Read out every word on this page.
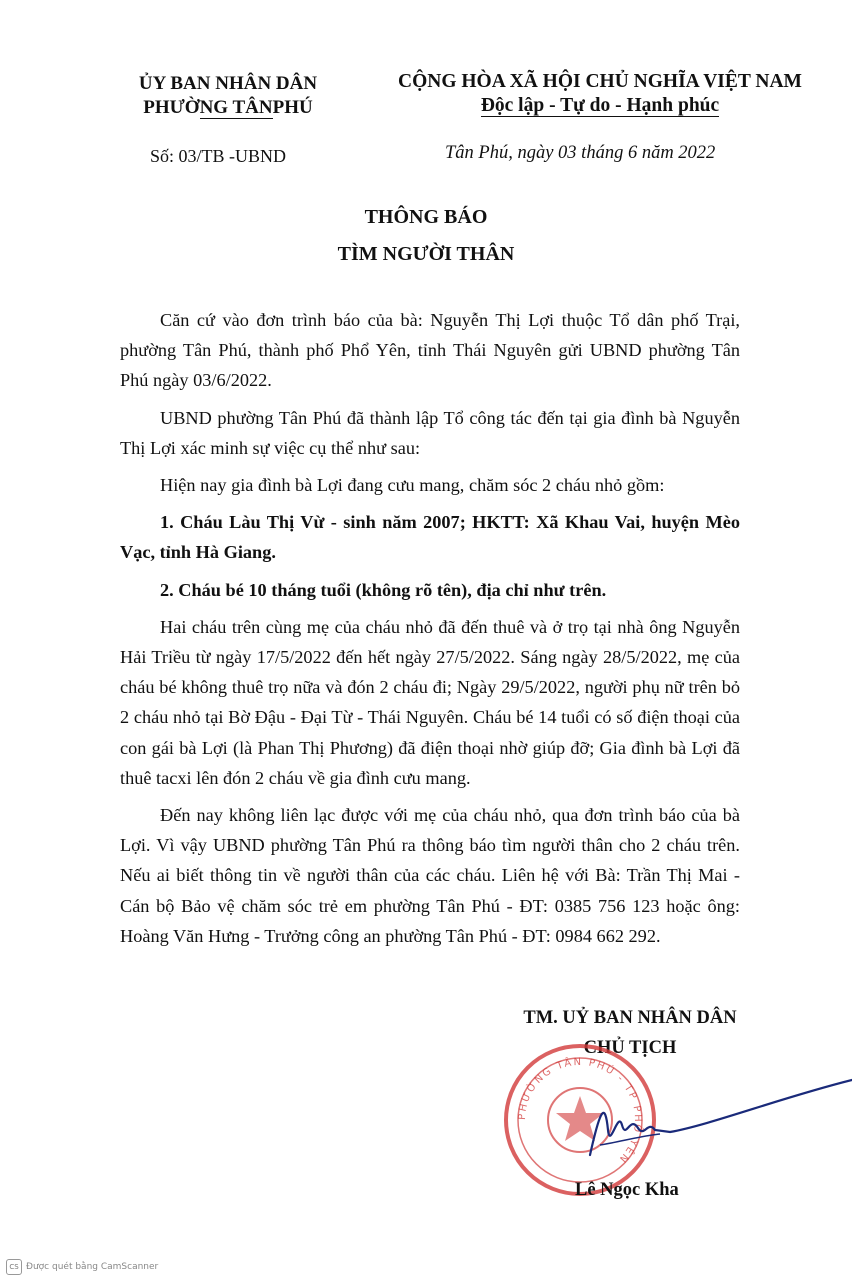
ỦY BAN NHÂN DÂN
PHƯỜNG TÂNPHÚ
CỘNG HÒA XÃ HỘI CHỦ NGHĨA VIỆT NAM
Độc lập - Tự do - Hạnh phúc
Số: 03/TB -UBND	Tân Phú, ngày 03 tháng 6 năm 2022
THÔNG BÁO
TÌM NGƯỜI THÂN

Căn cứ vào đơn trình báo của bà: Nguyễn Thị Lợi thuộc Tổ dân phố Trại, phường Tân Phú, thành phố Phổ Yên, tỉnh Thái Nguyên gửi UBND phường Tân Phú ngày 03/6/2022.

UBND phường Tân Phú đã thành lập Tổ công tác đến tại gia đình bà Nguyễn Thị Lợi xác minh sự việc cụ thể như sau:

Hiện nay gia đình bà Lợi đang cưu mang, chăm sóc 2 cháu nhỏ gồm:

1. Cháu Làu Thị Vừ - sinh năm 2007; HKTT: Xã Khau Vai, huyện Mèo Vạc, tỉnh Hà Giang.

2. Cháu bé 10 tháng tuổi (không rõ tên), địa chỉ như trên.

Hai cháu trên cùng mẹ của cháu nhỏ đã đến thuê và ở trọ tại nhà ông Nguyễn Hải Triều từ ngày 17/5/2022 đến hết ngày 27/5/2022. Sáng ngày 28/5/2022, mẹ của cháu bé không thuê trọ nữa và đón 2 cháu đi; Ngày 29/5/2022, người phụ nữ trên bỏ 2 cháu nhỏ tại Bờ Đậu - Đại Từ - Thái Nguyên. Cháu bé 14 tuổi có số điện thoại của con gái bà Lợi (là Phan Thị Phương) đã điện thoại nhờ giúp đỡ; Gia đình bà Lợi đã thuê tacxi lên đón 2 cháu về gia đình cưu mang.

Đến nay không liên lạc được với mẹ của cháu nhỏ, qua đơn trình báo của bà Lợi. Vì vậy UBND phường Tân Phú ra thông báo tìm người thân cho 2 cháu trên. Nếu ai biết thông tin về người thân của các cháu. Liên hệ với Bà: Trần Thị Mai - Cán bộ Bảo vệ chăm sóc trẻ em phường Tân Phú - ĐT: 0385 756 123 hoặc ông: Hoàng Văn Hưng - Trưởng công an phường Tân Phú - ĐT: 0984 662 292.

TM. UỶ BAN NHÂN DÂN
CHỦ TỊCH
PHƯỜNG TÂN PHÚ - TP PHỔ YÊN
Lê Ngọc Kha
CS Được quét bằng CamScanner
